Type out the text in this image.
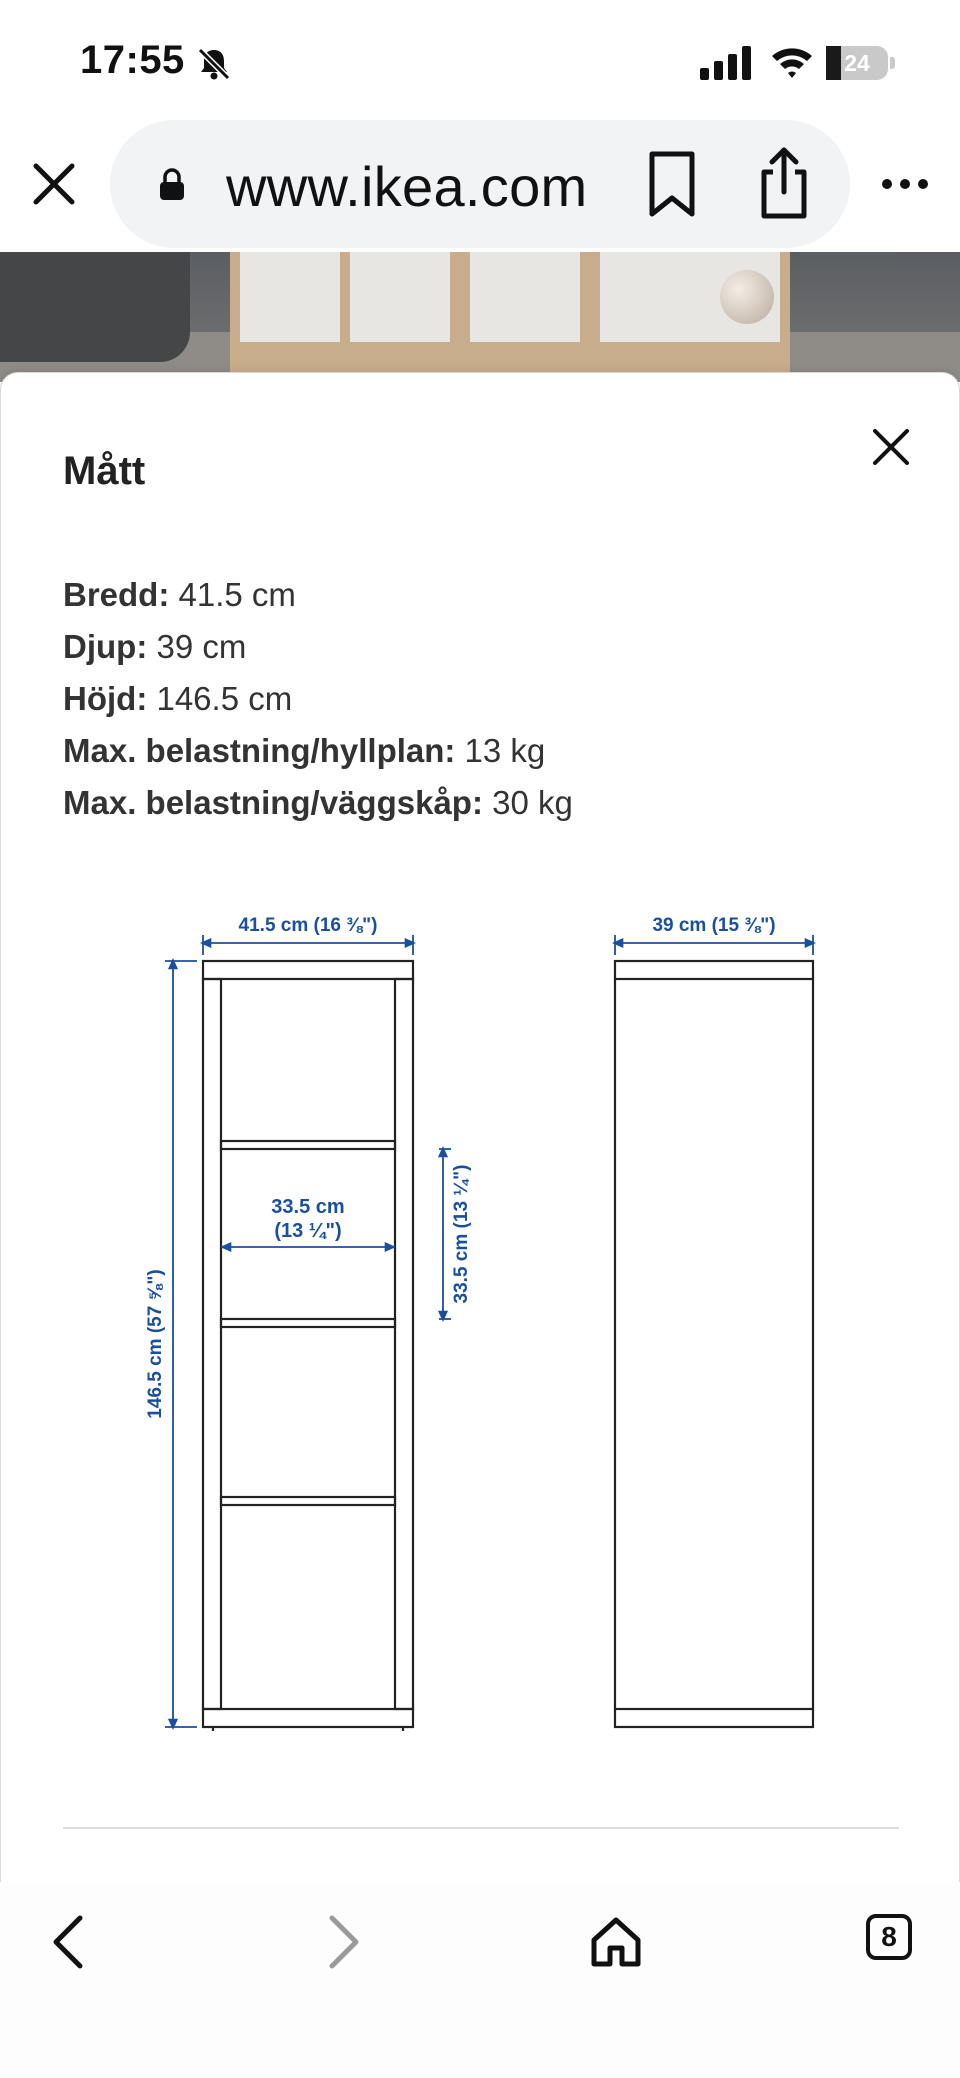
17:55	24
www.ikea.com
Mått
Bredd: 41.5 cm
Djup: 39 cm
Höjd: 146.5 cm
Max. belastning/hyllplan: 13 kg
Max. belastning/väggskåp: 30 kg
41.5 cm (16 ⅜")	39 cm (15 ⅜")
33.5 cm
(13 ¼")
146.5 cm (57 ⅝")
33.5 cm (13 ¼")
8
